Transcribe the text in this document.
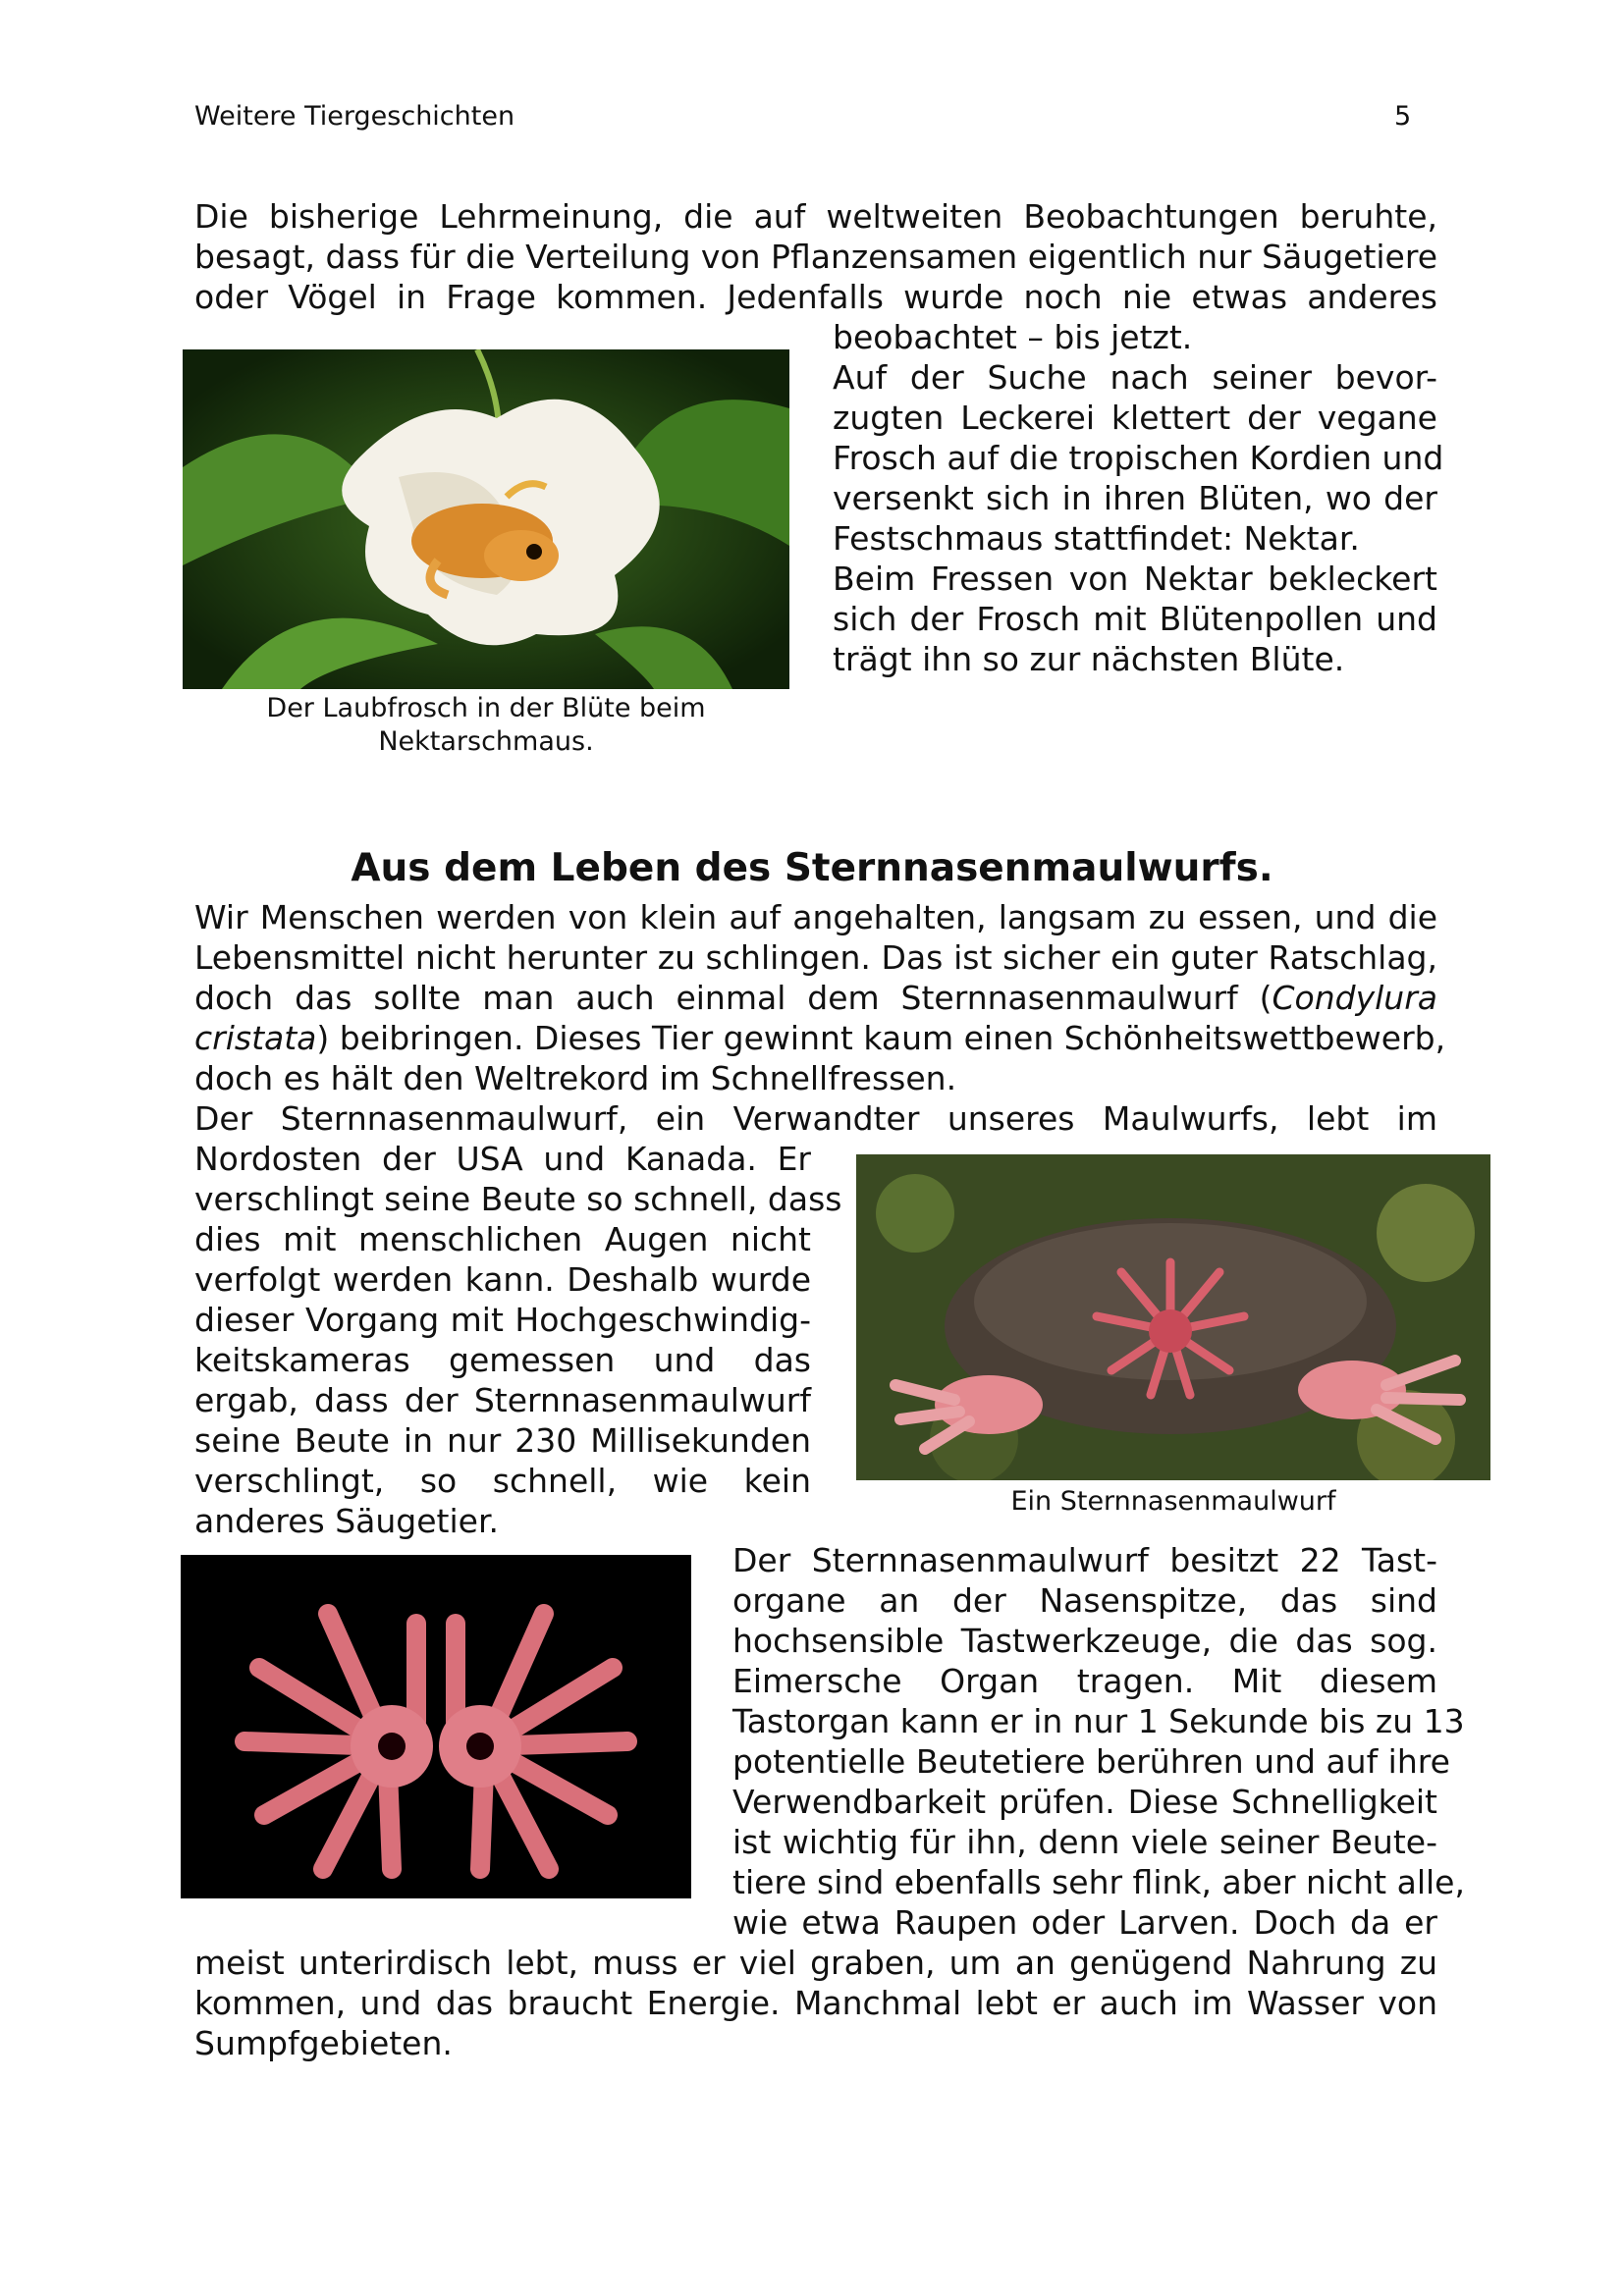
Weitere Tiergeschichten	5
Die bisherige Lehrmeinung, die auf weltweiten Beobachtungen beruhte,
besagt, dass für die Verteilung von Pflanzensamen eigentlich nur Säugetiere
oder Vögel in Frage kommen. Jedenfalls wurde noch nie etwas anderes
Der Laubfrosch in der Blüte beim
Nektarschmaus.
beobachtet – bis jetzt.
Auf der Suche nach seiner bevor-
zugten Leckerei klettert der vegane
Frosch auf die tropischen Kordien und
versenkt sich in ihren Blüten, wo der
Festschmaus stattfindet: Nektar.
Beim Fressen von Nektar bekleckert
sich der Frosch mit Blütenpollen und
trägt ihn so zur nächsten Blüte.
Aus dem Leben des Sternnasenmaulwurfs.
Wir Menschen werden von klein auf angehalten, langsam zu essen, und die
Lebensmittel nicht herunter zu schlingen. Das ist sicher ein guter Ratschlag,
doch das sollte man auch einmal dem Sternnasenmaulwurf (Condylura
cristata) beibringen. Dieses Tier gewinnt kaum einen Schönheitswettbewerb,
doch es hält den Weltrekord im Schnellfressen.
Der Sternnasenmaulwurf, ein Verwandter unseres Maulwurfs, lebt im
Nordosten der USA und Kanada. Er
verschlingt seine Beute so schnell, dass
dies mit menschlichen Augen nicht
verfolgt werden kann. Deshalb wurde
dieser Vorgang mit Hochgeschwindig-
keitskameras gemessen und das
ergab, dass der Sternnasenmaulwurf
seine Beute in nur 230 Millisekunden
verschlingt, so schnell, wie kein
anderes Säugetier.
Ein Sternnasenmaulwurf
Der Sternnasenmaulwurf besitzt 22 Tast-
organe an der Nasenspitze, das sind
hochsensible Tastwerkzeuge, die das sog.
Eimersche Organ tragen. Mit diesem
Tastorgan kann er in nur 1 Sekunde bis zu 13
potentielle Beutetiere berühren und auf ihre
Verwendbarkeit prüfen. Diese Schnelligkeit
ist wichtig für ihn, denn viele seiner Beute-
tiere sind ebenfalls sehr flink, aber nicht alle,
wie etwa Raupen oder Larven. Doch da er
meist unterirdisch lebt, muss er viel graben, um an genügend Nahrung zu
kommen, und das braucht Energie. Manchmal lebt er auch im Wasser von
Sumpfgebieten.
